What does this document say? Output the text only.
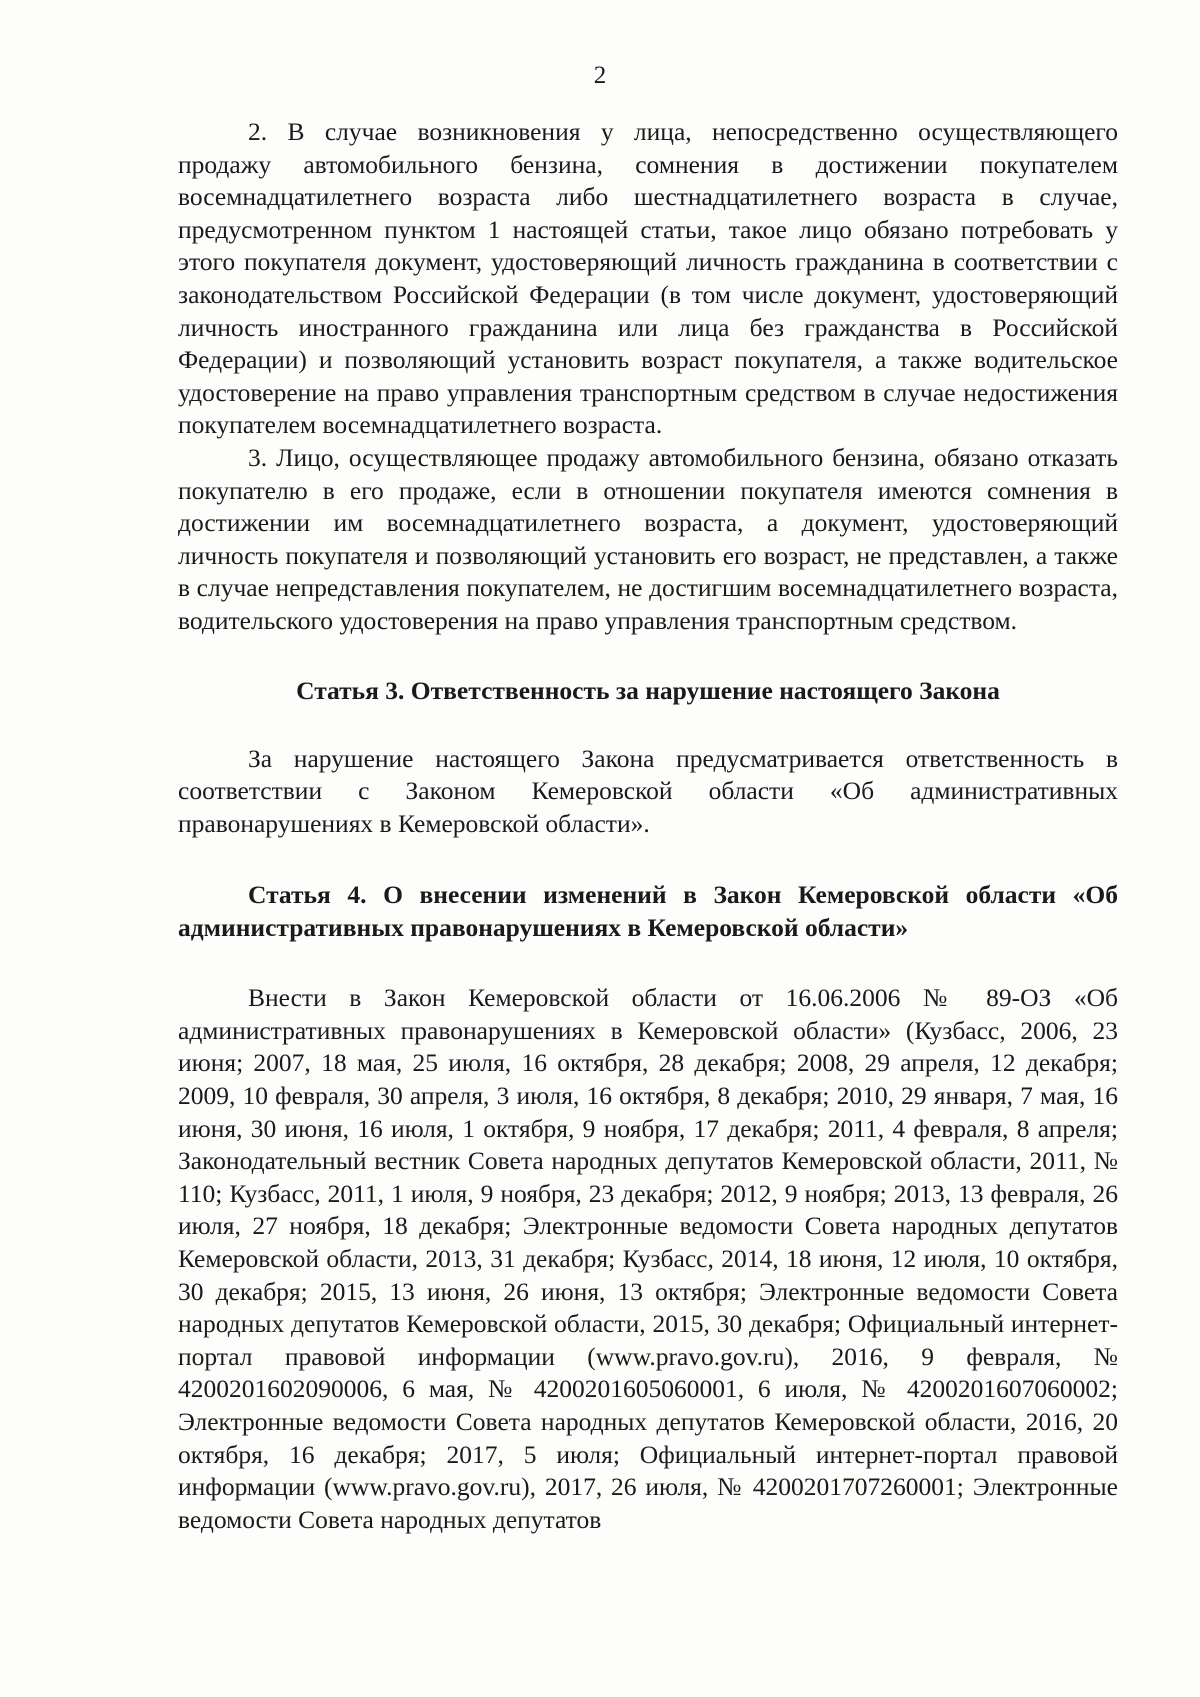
2

2. В случае возникновения у лица, непосредственно осуществляющего продажу автомобильного бензина, сомнения в достижении покупателем восемнадцатилетнего возраста либо шестнадцатилетнего возраста в случае, предусмотренном пунктом 1 настоящей статьи, такое лицо обязано потребовать у этого покупателя документ, удостоверяющий личность гражданина в соответствии с законодательством Российской Федерации (в том числе документ, удостоверяющий личность иностранного гражданина или лица без гражданства в Российской Федерации) и позволяющий установить возраст покупателя, а также водительское удостоверение на право управления транспортным средством в случае недостижения покупателем восемнадцатилетнего возраста.

3. Лицо, осуществляющее продажу автомобильного бензина, обязано отказать покупателю в его продаже, если в отношении покупателя имеются сомнения в достижении им восемнадцатилетнего возраста, а документ, удостоверяющий личность покупателя и позволяющий установить его возраст, не представлен, а также в случае непредставления покупателем, не достигшим восемнадцатилетнего возраста, водительского удостоверения на право управления транспортным средством.

Статья 3. Ответственность за нарушение настоящего Закона

За нарушение настоящего Закона предусматривается ответственность в соответствии с Законом Кемеровской области «Об административных правонарушениях в Кемеровской области».

Статья 4. О внесении изменений в Закон Кемеровской области «Об административных правонарушениях в Кемеровской области»

Внести в Закон Кемеровской области от 16.06.2006 № 89-ОЗ «Об административных правонарушениях в Кемеровской области» (Кузбасс, 2006, 23 июня; 2007, 18 мая, 25 июля, 16 октября, 28 декабря; 2008, 29 апреля, 12 декабря; 2009, 10 февраля, 30 апреля, 3 июля, 16 октября, 8 декабря; 2010, 29 января, 7 мая, 16 июня, 30 июня, 16 июля, 1 октября, 9 ноября, 17 декабря; 2011, 4 февраля, 8 апреля; Законодательный вестник Совета народных депутатов Кемеровской области, 2011, № 110; Кузбасс, 2011, 1 июля, 9 ноября, 23 декабря; 2012, 9 ноября; 2013, 13 февраля, 26 июля, 27 ноября, 18 декабря; Электронные ведомости Совета народных депутатов Кемеровской области, 2013, 31 декабря; Кузбасс, 2014, 18 июня, 12 июля, 10 октября, 30 декабря; 2015, 13 июня, 26 июня, 13 октября; Электронные ведомости Совета народных депутатов Кемеровской области, 2015, 30 декабря; Официальный интернет-портал правовой информации (www.pravo.gov.ru), 2016, 9 февраля, № 4200201602090006, 6 мая, № 4200201605060001, 6 июля, № 4200201607060002; Электронные ведомости Совета народных депутатов Кемеровской области, 2016, 20 октября, 16 декабря; 2017, 5 июля; Официальный интернет-портал правовой информации (www.pravo.gov.ru), 2017, 26 июля, № 4200201707260001; Электронные ведомости Совета народных депутатов
